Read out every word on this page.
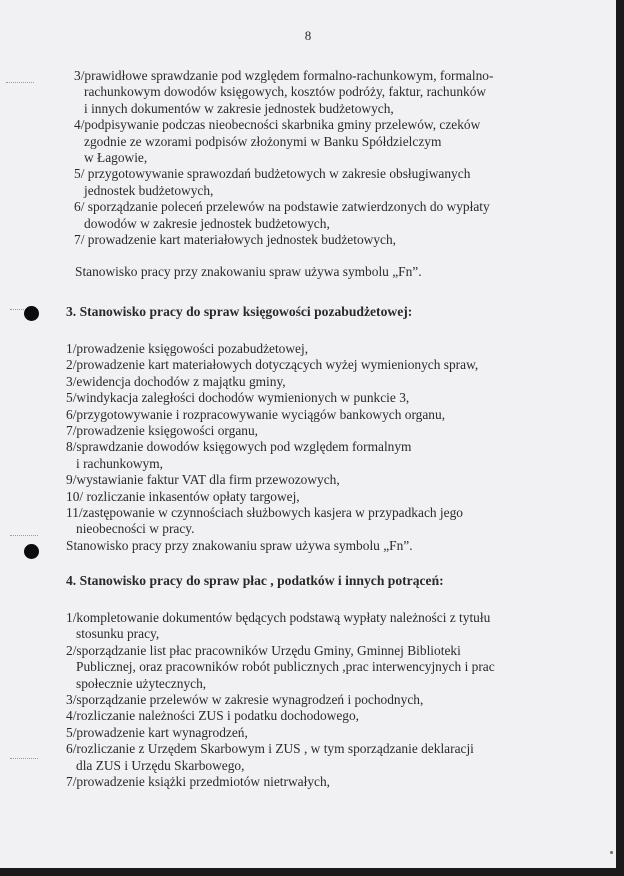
8
3/prawidłowe sprawdzanie pod względem formalno-rachunkowym, formalno-
rachunkowym dowodów księgowych, kosztów podróży, faktur, rachunków
i innych dokumentów w zakresie jednostek budżetowych,
4/podpisywanie podczas nieobecności skarbnika gminy przelewów, czeków
zgodnie ze wzorami podpisów złożonymi w Banku Spółdzielczym
w Łagowie,
5/ przygotowywanie sprawozdań budżetowych w zakresie obsługiwanych
jednostek budżetowych,
6/ sporządzanie poleceń przelewów na podstawie zatwierdzonych do wypłaty
dowodów w zakresie jednostek budżetowych,
7/ prowadzenie kart materiałowych jednostek budżetowych,
Stanowisko pracy przy znakowaniu spraw używa symbolu „Fn”.
3. Stanowisko pracy do spraw księgowości pozabudżetowej:
1/prowadzenie księgowości pozabudżetowej,
2/prowadzenie kart materiałowych dotyczących wyżej wymienionych spraw,
3/ewidencja dochodów z majątku gminy,
5/windykacja zaległości dochodów wymienionych w punkcie 3,
6/przygotowywanie i rozpracowywanie wyciągów bankowych organu,
7/prowadzenie księgowości organu,
8/sprawdzanie dowodów księgowych pod względem formalnym
i rachunkowym,
9/wystawianie faktur VAT dla firm przewozowych,
10/ rozliczanie inkasentów opłaty targowej,
11/zastępowanie w czynnościach służbowych kasjera w przypadkach jego
nieobecności w pracy.
Stanowisko pracy przy znakowaniu spraw używa symbolu „Fn”.
4. Stanowisko pracy do spraw płac , podatków i innych potrąceń:
1/kompletowanie dokumentów będących podstawą wypłaty należności z tytułu
stosunku pracy,
2/sporządzanie list płac pracowników Urzędu Gminy, Gminnej Biblioteki
Publicznej, oraz pracowników robót publicznych ,prac interwencyjnych i prac
społecznie użytecznych,
3/sporządzanie przelewów w zakresie wynagrodzeń i pochodnych,
4/rozliczanie należności ZUS i podatku dochodowego,
5/prowadzenie kart wynagrodzeń,
6/rozliczanie z Urzędem Skarbowym i ZUS , w tym sporządzanie deklaracji
dla ZUS i Urzędu Skarbowego,
7/prowadzenie książki przedmiotów nietrwałych,
